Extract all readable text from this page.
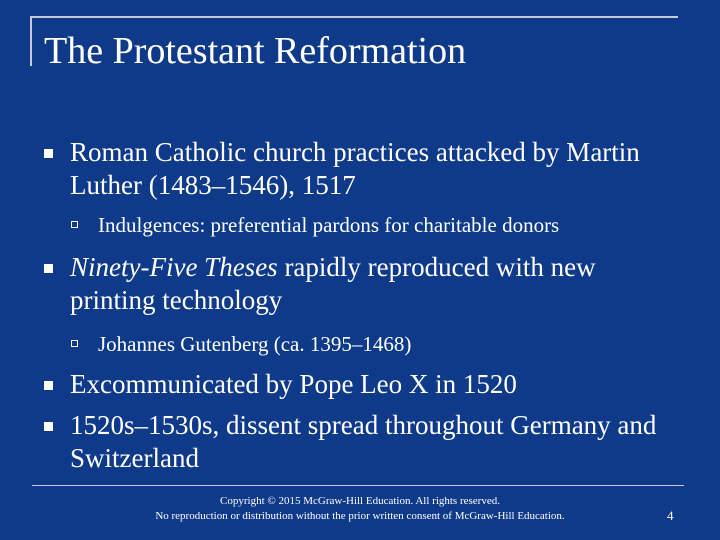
The Protestant Reformation
Roman Catholic church practices attacked by Martin Luther (1483–1546), 1517
Indulgences: preferential pardons for charitable donors
Ninety-Five Theses rapidly reproduced with new printing technology
Johannes Gutenberg (ca. 1395–1468)
Excommunicated by Pope Leo X in 1520
1520s–1530s, dissent spread throughout Germany and Switzerland
Copyright © 2015 McGraw-Hill Education. All rights reserved.
No reproduction or distribution without the prior written consent of McGraw-Hill Education.	4
